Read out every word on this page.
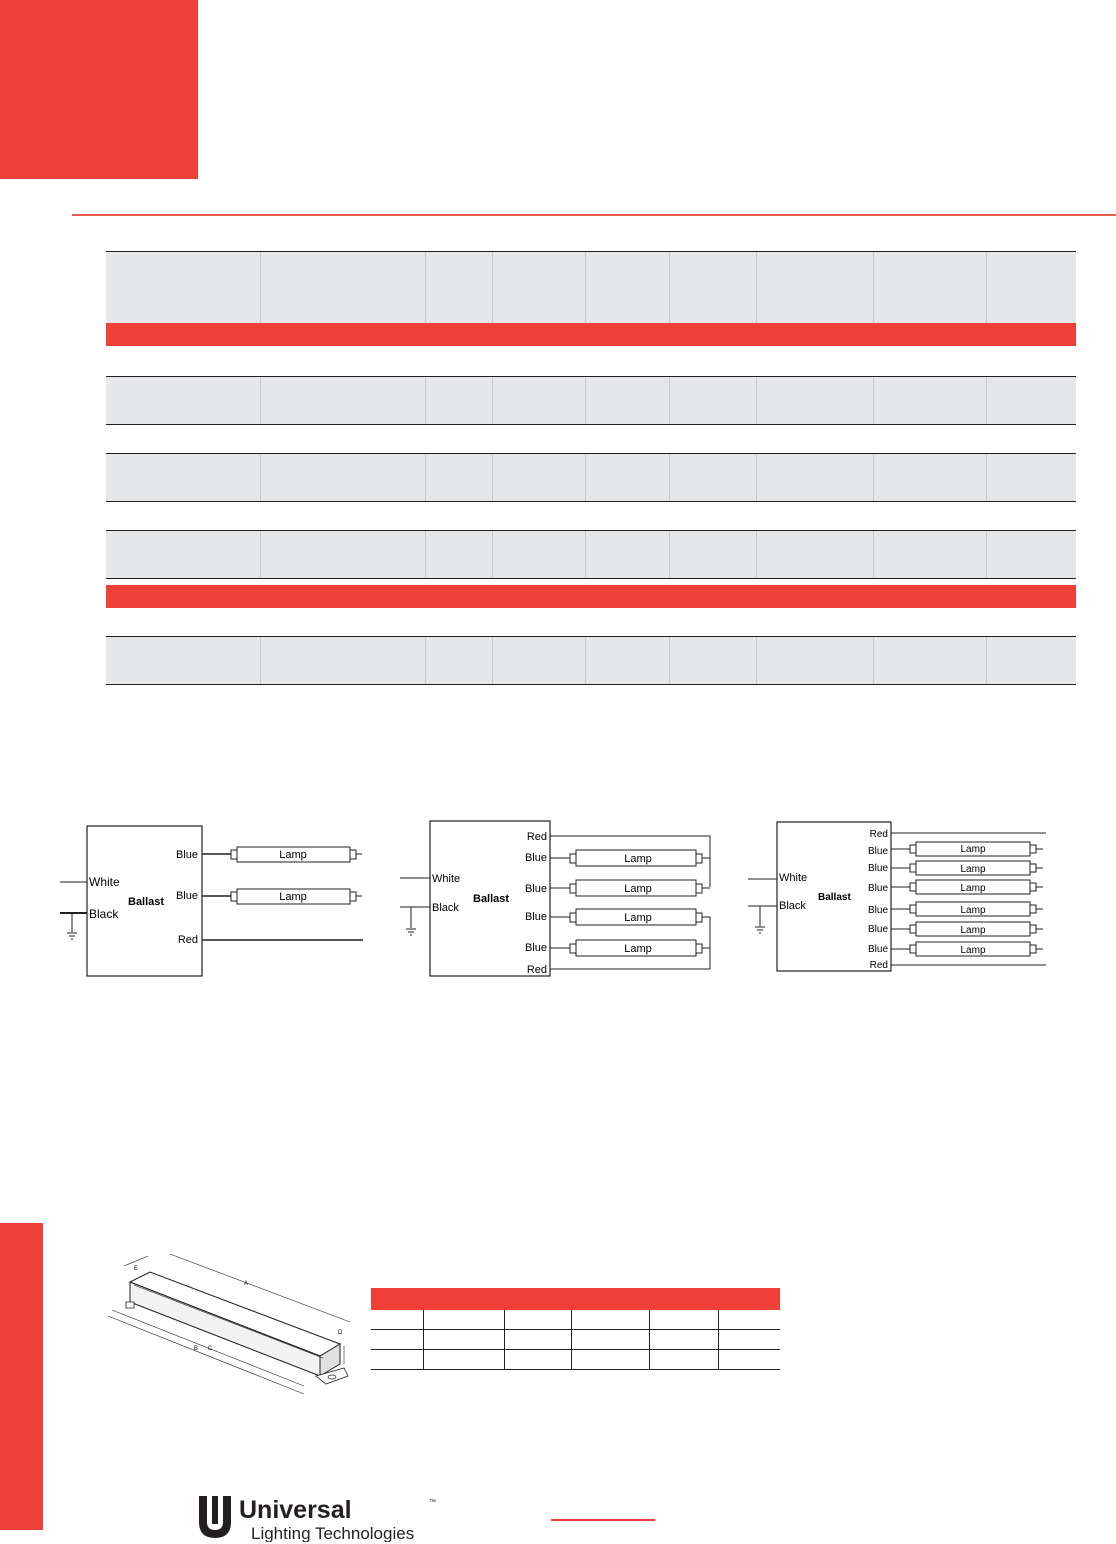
White
Black
Ballast
Blue
Blue
Red
Lamp
Lamp
White
Black
Ballast
Red
Blue
Blue
Blue
Blue
Red
Lamp
Lamp
Lamp
Lamp
White
Black
Ballast
Red
Blue
Blue
Blue
Blue
Blue
Blue
Red
Lamp
Lamp
Lamp
Lamp
Lamp
Lamp
A
B C
D
E
Universal	™
Lighting Technologies
